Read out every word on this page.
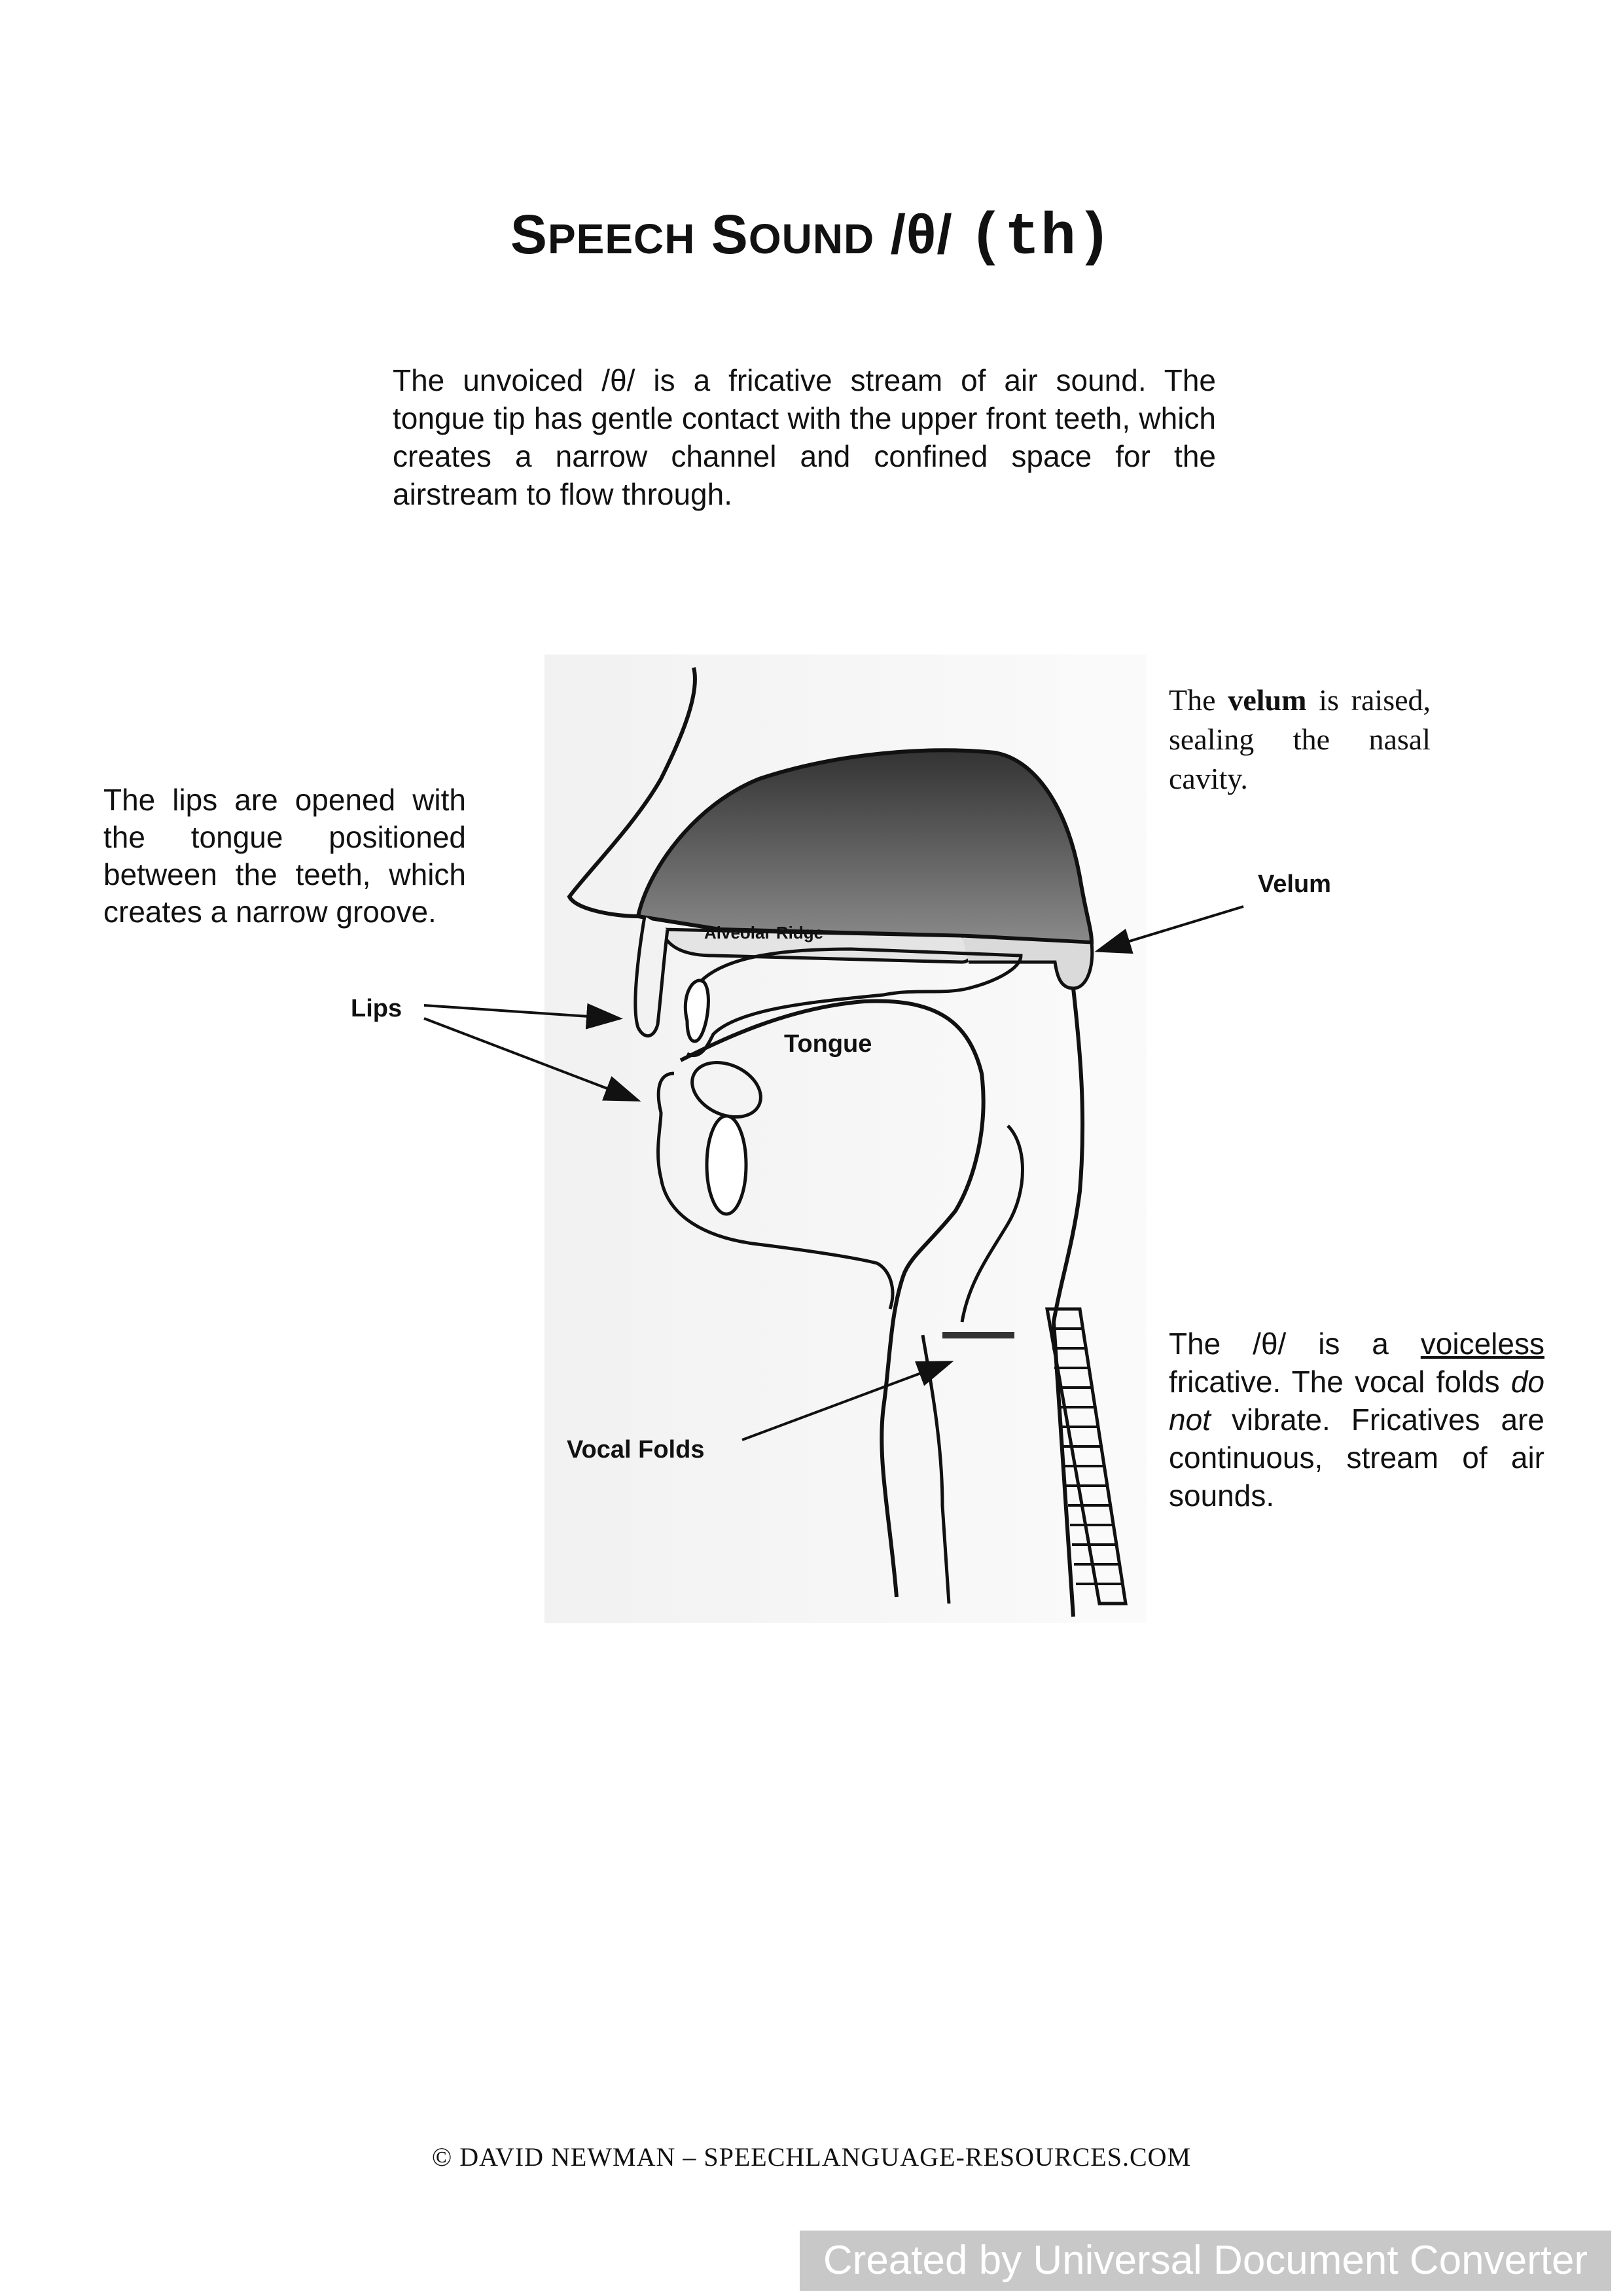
SPEECH SOUND /θ/ (th)
The unvoiced /θ/ is a fricative stream of air sound. The tongue tip has gentle contact with the upper front teeth, which creates a narrow channel and confined space for the airstream to flow through.
The lips are opened with the tongue positioned between the teeth, which creates a narrow groove.
The velum is raised, sealing the nasal cavity.
The /θ/ is a voiceless fricative. The vocal folds do not vibrate. Fricatives are continuous, stream of air sounds.
Velum
Alveolar Ridge
Lips
Tongue
Vocal Folds
© DAVID NEWMAN – SPEECHLANGUAGE-RESOURCES.COM
Created by Universal Document Converter
